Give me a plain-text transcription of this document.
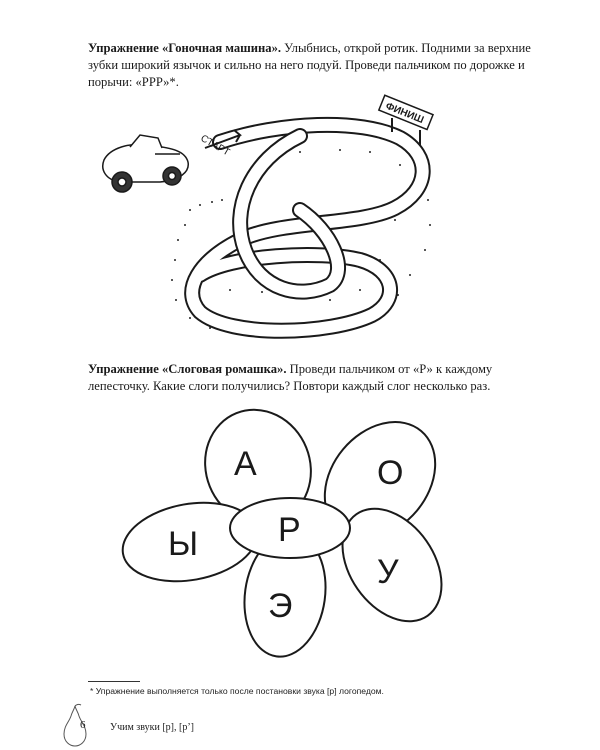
Упражнение «Гоночная машина». Улыбнись, открой ротик. Подними за верхние зубки широкий язычок и сильно на него подуй. Проведи пальчиком по дорожке и порычи: «РРР»*.

СТАРТ
ФИНИШ

Упражнение «Слоговая ромашка». Проведи пальчиком от «Р» к каждому лепесточку. Какие слоги получились? Повтори каждый слог несколько раз.

А	О
Ы
У
Э
Р
* Упражнение выполняется только после постановки звука [р] логопедом.
6 Учим звуки [р], [р’]
